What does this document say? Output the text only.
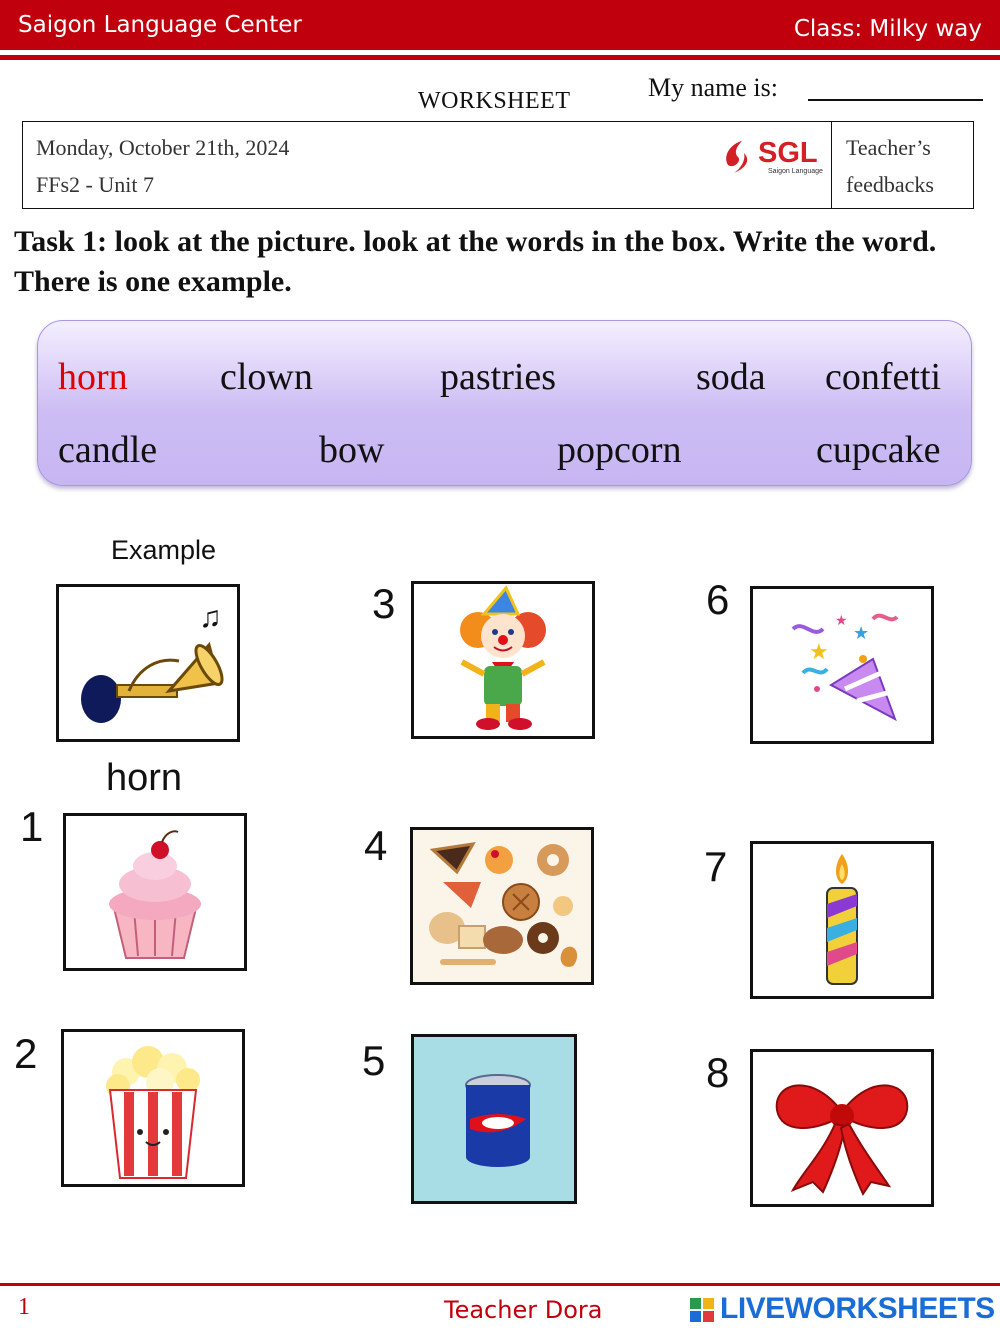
Saigon Language Center	Class: Milky way
WORKSHEET	My name is:
Monday, October 21th, 2024
FFs2 - Unit 7
SGL
Saigon Language
Teacher’s
feedbacks
Task 1: look at the picture. look at the words in the box. Write the word. There is one example.
horn clown	pastries	soda confetti
candle	bow	popcorn	cupcake
Example
♫
horn
1
2
3
4
5
6
★
★
★
7
8
1	Teacher Dora	LIVEWORKSHEETS
